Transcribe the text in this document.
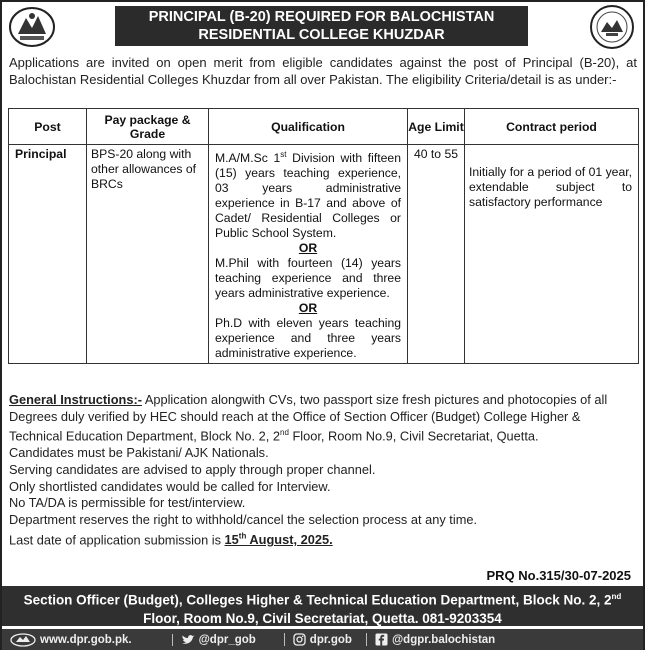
PRINCIPAL (B-20) REQUIRED FOR BALOCHISTAN
RESIDENTIAL COLLEGE KHUZDAR
Applications are invited on open merit from eligible candidates against the post of Principal (B-20), at Balochistan Residential Colleges Khuzdar from all over Pakistan. The eligibility Criteria/detail is as under:-
Post	Pay package & Grade	Qualification	Age Limit	Contract period
Principal	BPS-20 along with other allowances of BRCs	M.A/M.Sc 1st Division with fifteen (15) years teaching experience, 03 years administrative experience in B-17 and above of Cadet/ Residential Colleges or Public School System.
OR
M.Phil with fourteen (14) years teaching experience and three years administrative experience.
OR
Ph.D with eleven years teaching experience and three years administrative experience.	40 to 55	Initially for a period of 01 year, extendable subject to satisfactory performance

General Instructions:- Application alongwith CVs, two passport size fresh pictures and photocopies of all Degrees duly verified by HEC should reach at the Office of Section Officer (Budget) College Higher & Technical Education Department, Block No. 2, 2nd Floor, Room No.9, Civil Secretariat, Quetta.

Candidates must be Pakistani/ AJK Nationals.

Serving candidates are advised to apply through proper channel.

Only shortlisted candidates would be called for Interview.

No TA/DA is permissible for test/interview.

Department reserves the right to withhold/cancel the selection process at any time.

Last date of application submission is 15th August, 2025.

PRQ No.315/30-07-2025
Section Officer (Budget), Colleges Higher & Technical Education Department, Block No. 2, 2nd
Floor, Room No.9, Civil Secretariat, Quetta. 081-9203354
www.dpr.gob.pk.	@dpr_gob	dpr.gob	@dgpr.balochistan
